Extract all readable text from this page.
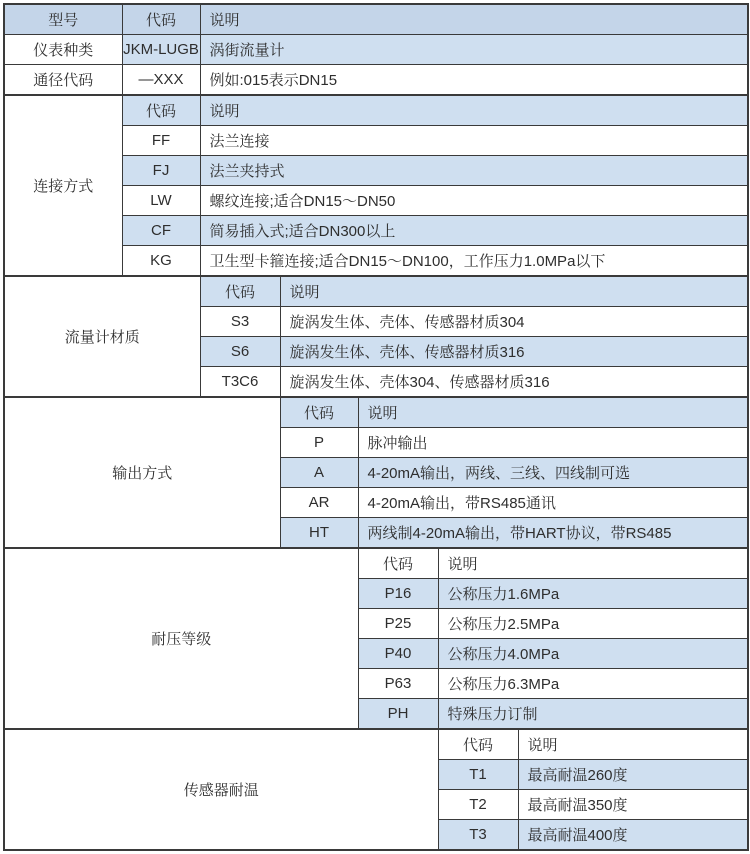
型号	代码	说明				
仪表种类	JKM-LUGB	涡街流量计				
通径代码	—XXX	例如:015表示DN15				
连接方式	代码	说明				
	FF	法兰连接				
	FJ	法兰夹持式				
	LW	螺纹连接;适合DN15～DN50				
	CF	简易插入式;适合DN300以上				
	KG	卫生型卡箍连接;适合DN15～DN100，工作压力1.0MPa以下				
流量计材质		代码	说明			
		S3	旋涡发生体、壳体、传感器材质304			
		S6	旋涡发生体、壳体、传感器材质316			
		T3C6	旋涡发生体、壳体304、传感器材质316			
输出方式			代码	说明		
			P	脉冲输出		
			A	4-20mA输出，两线、三线、四线制可选		
			AR	4-20mA输出，带RS485通讯		
			HT	两线制4-20mA输出，带HART协议，带RS485		
耐压等级				代码	说明	
				P16	公称压力1.6MPa	
				P25	公称压力2.5MPa	
				P40	公称压力4.0MPa	
				P63	公称压力6.3MPa	
				PH	特殊压力订制	
传感器耐温					代码	说明
					T1	最高耐温260度
					T2	最高耐温350度
					T3	最高耐温400度
